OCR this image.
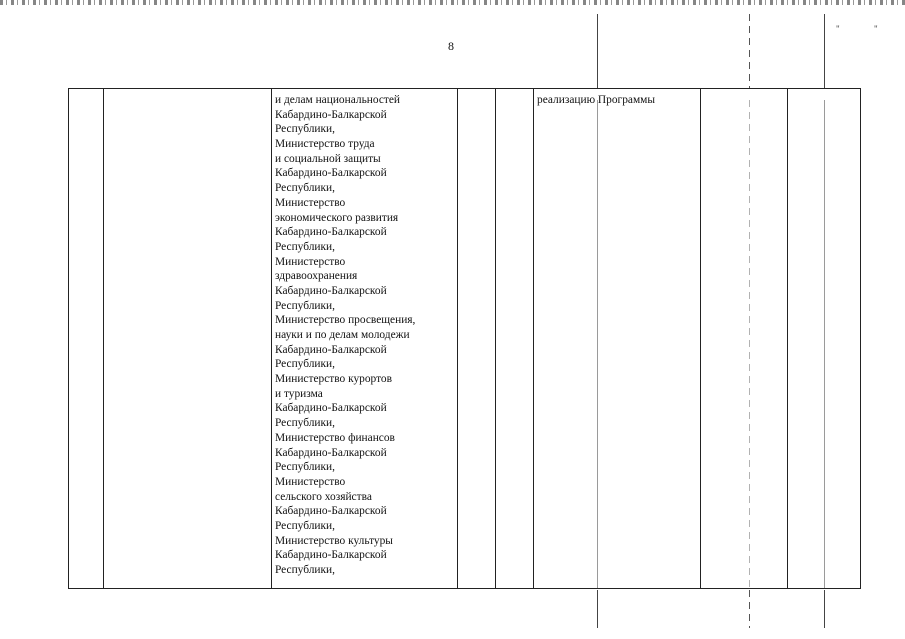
8
"	"
и делам национальностей
Кабардино-Балкарской
Республики,
Министерство труда
и социальной защиты
Кабардино-Балкарской
Республики,
Министерство
экономического развития
Кабардино-Балкарской
Республики,
Министерство
здравоохранения
Кабардино-Балкарской
Республики,
Министерство просвещения,
науки и по делам молодежи
Кабардино-Балкарской
Республики,
Министерство курортов
и туризма
Кабардино-Балкарской
Республики,
Министерство финансов
Кабардино-Балкарской
Республики,
Министерство
сельского хозяйства
Кабардино-Балкарской
Республики,
Министерство культуры
Кабардино-Балкарской
Республики,
реализацию Программы
